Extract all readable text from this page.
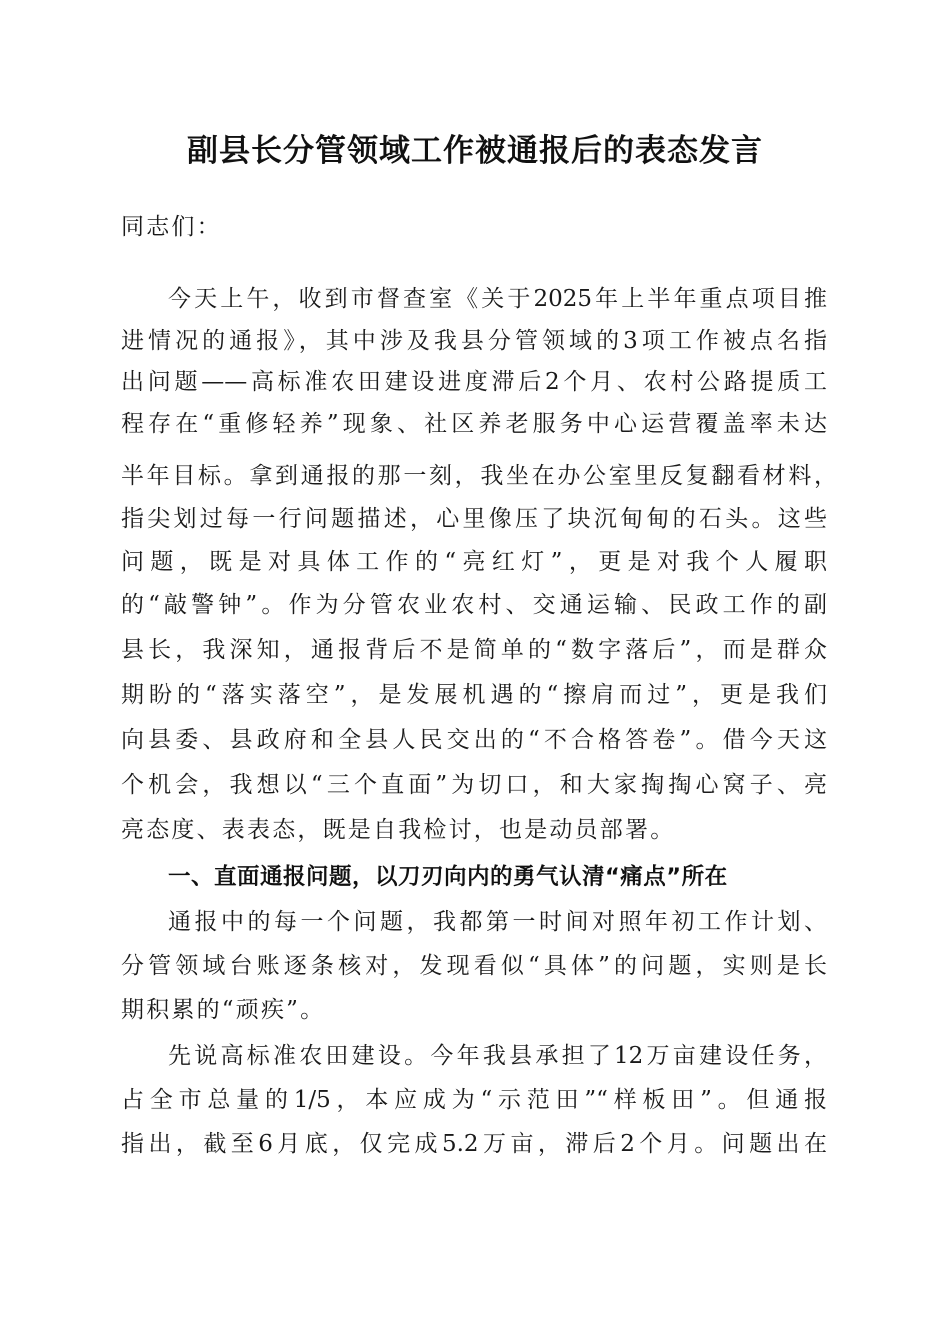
副县长分管领域工作被通报后的表态发言
同志们：
今天上午，收到市督查室《关于2025年上半年重点项目推
进情况的通报》，其中涉及我县分管领域的3项工作被点名指
出问题——高标准农田建设进度滞后2个月、农村公路提质工
程存在“重修轻养”现象、社区养老服务中心运营覆盖率未达
半年目标。拿到通报的那一刻，我坐在办公室里反复翻看材料，
指尖划过每一行问题描述，心里像压了块沉甸甸的石头。这些
问题，既是对具体工作的“亮红灯”，更是对我个人履职
的“敲警钟”。作为分管农业农村、交通运输、民政工作的副
县长，我深知，通报背后不是简单的“数字落后”，而是群众
期盼的“落实落空”，是发展机遇的“擦肩而过”，更是我们
向县委、县政府和全县人民交出的“不合格答卷”。借今天这
个机会，我想以“三个直面”为切口，和大家掏掏心窝子、亮
亮态度、表表态，既是自我检讨，也是动员部署。
一、直面通报问题，以刀刃向内的勇气认清“痛点”所在
通报中的每一个问题，我都第一时间对照年初工作计划、
分管领域台账逐条核对，发现看似“具体”的问题，实则是长
期积累的“顽疾”。
先说高标准农田建设。今年我县承担了12万亩建设任务，
占全市总量的1/5，本应成为“示范田”“样板田”。但通报
指出，截至6月底，仅完成5.2万亩，滞后2个月。问题出在
